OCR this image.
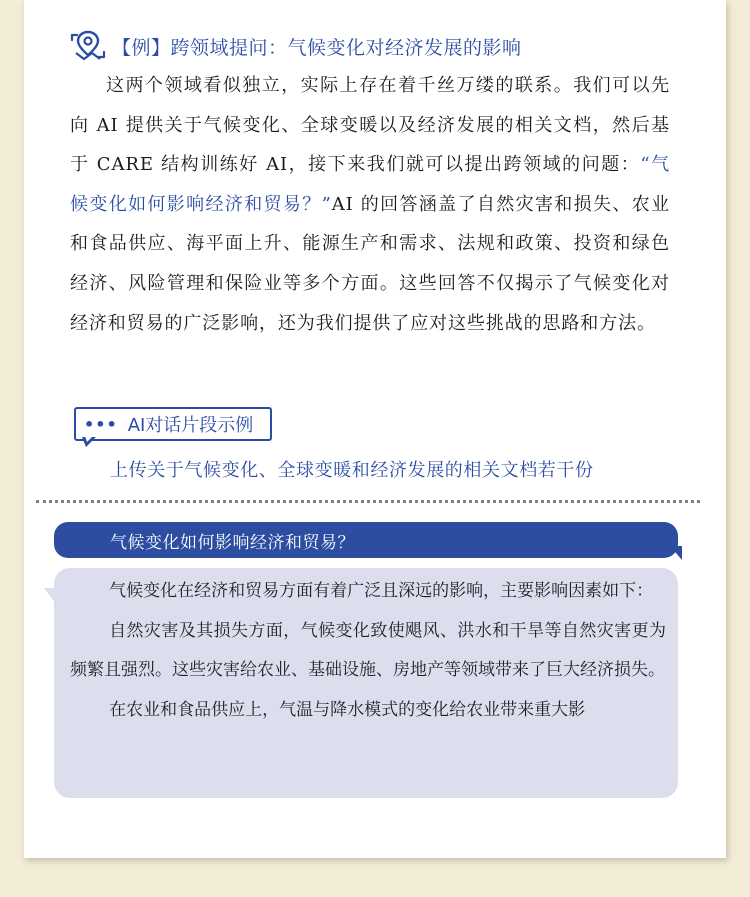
【例】跨领域提问：气候变化对经济发展的影响

这两个领域看似独立，实际上存在着千丝万缕的联系。我们可以先向 AI 提供关于气候变化、全球变暖以及经济发展的相关文档，然后基于 CARE 结构训练好 AI，接下来我们就可以提出跨领域的问题：“气候变化如何影响经济和贸易？”AI 的回答涵盖了自然灾害和损失、农业和食品供应、海平面上升、能源生产和需求、法规和政策、投资和绿色经济、风险管理和保险业等多个方面。这些回答不仅揭示了气候变化对经济和贸易的广泛影响，还为我们提供了应对这些挑战的思路和方法。

••• AI对话片段示例
上传关于气候变化、全球变暖和经济发展的相关文档若干份
气候变化如何影响经济和贸易？

气候变化在经济和贸易方面有着广泛且深远的影响，主要影响因素如下：

自然灾害及其损失方面，气候变化致使飓风、洪水和干旱等自然灾害更为频繁且强烈。这些灾害给农业、基础设施、房地产等领域带来了巨大经济损失。

在农业和食品供应上，气温与降水模式的变化给农业带来重大影
